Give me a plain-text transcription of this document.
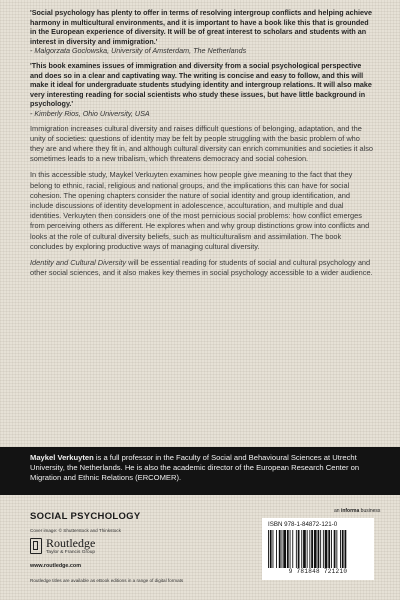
'Social psychology has plenty to offer in terms of resolving intergroup conflicts and helping achieve harmony in multicultural environments, and it is important to have a book like this that is grounded in the European experience of diversity. It will be of great interest to scholars and students with an interest in diversity and immigration.'

- Malgorzata Goclowska, University of Amsterdam, The Netherlands

'This book examines issues of immigration and diversity from a social psychological perspective and does so in a clear and captivating way. The writing is concise and easy to follow, and this will make it ideal for undergraduate students studying identity and intergroup relations. It will also make very interesting reading for social scientists who study these issues, but have little background in psychology.'

- Kimberly Rios, Ohio University, USA

Immigration increases cultural diversity and raises difficult questions of belonging, adaptation, and the unity of societies: questions of identity may be felt by people struggling with the basic problem of who they are and where they fit in, and although cultural diversity can enrich communities and societies it also sometimes leads to a new tribalism, which threatens democracy and social cohesion.

In this accessible study, Maykel Verkuyten examines how people give meaning to the fact that they belong to ethnic, racial, religious and national groups, and the implications this can have for social cohesion. The opening chapters consider the nature of social identity and group identification, and include discussions of identity development in adolescence, acculturation, and multiple and dual identities. Verkuyten then considers one of the most pernicious social problems: how conflict emerges from perceiving others as different. He explores when and why group distinctions grow into conflicts and looks at the role of cultural diversity beliefs, such as multiculturalism and assimilation. The book concludes by exploring productive ways of managing cultural diversity.

Identity and Cultural Diversity will be essential reading for students of social and cultural psychology and other social sciences, and it also makes key themes in social psychology accessible to a wider audience.

Maykel Verkuyten is a full professor in the Faculty of Social and Behavioural Sciences at Utrecht University, the Netherlands. He is also the academic director of the European Research Center on Migration and Ethnic Relations (ERCOMER).

SOCIAL PSYCHOLOGY
Cover image: © Shutterstock and Thinkstock
Routledge
Taylor & Francis Group
www.routledge.com
Routledge titles are available as eBook editions in a range of digital formats
an informa business
ISBN 978-1-84872-121-0
9 781848 721210
